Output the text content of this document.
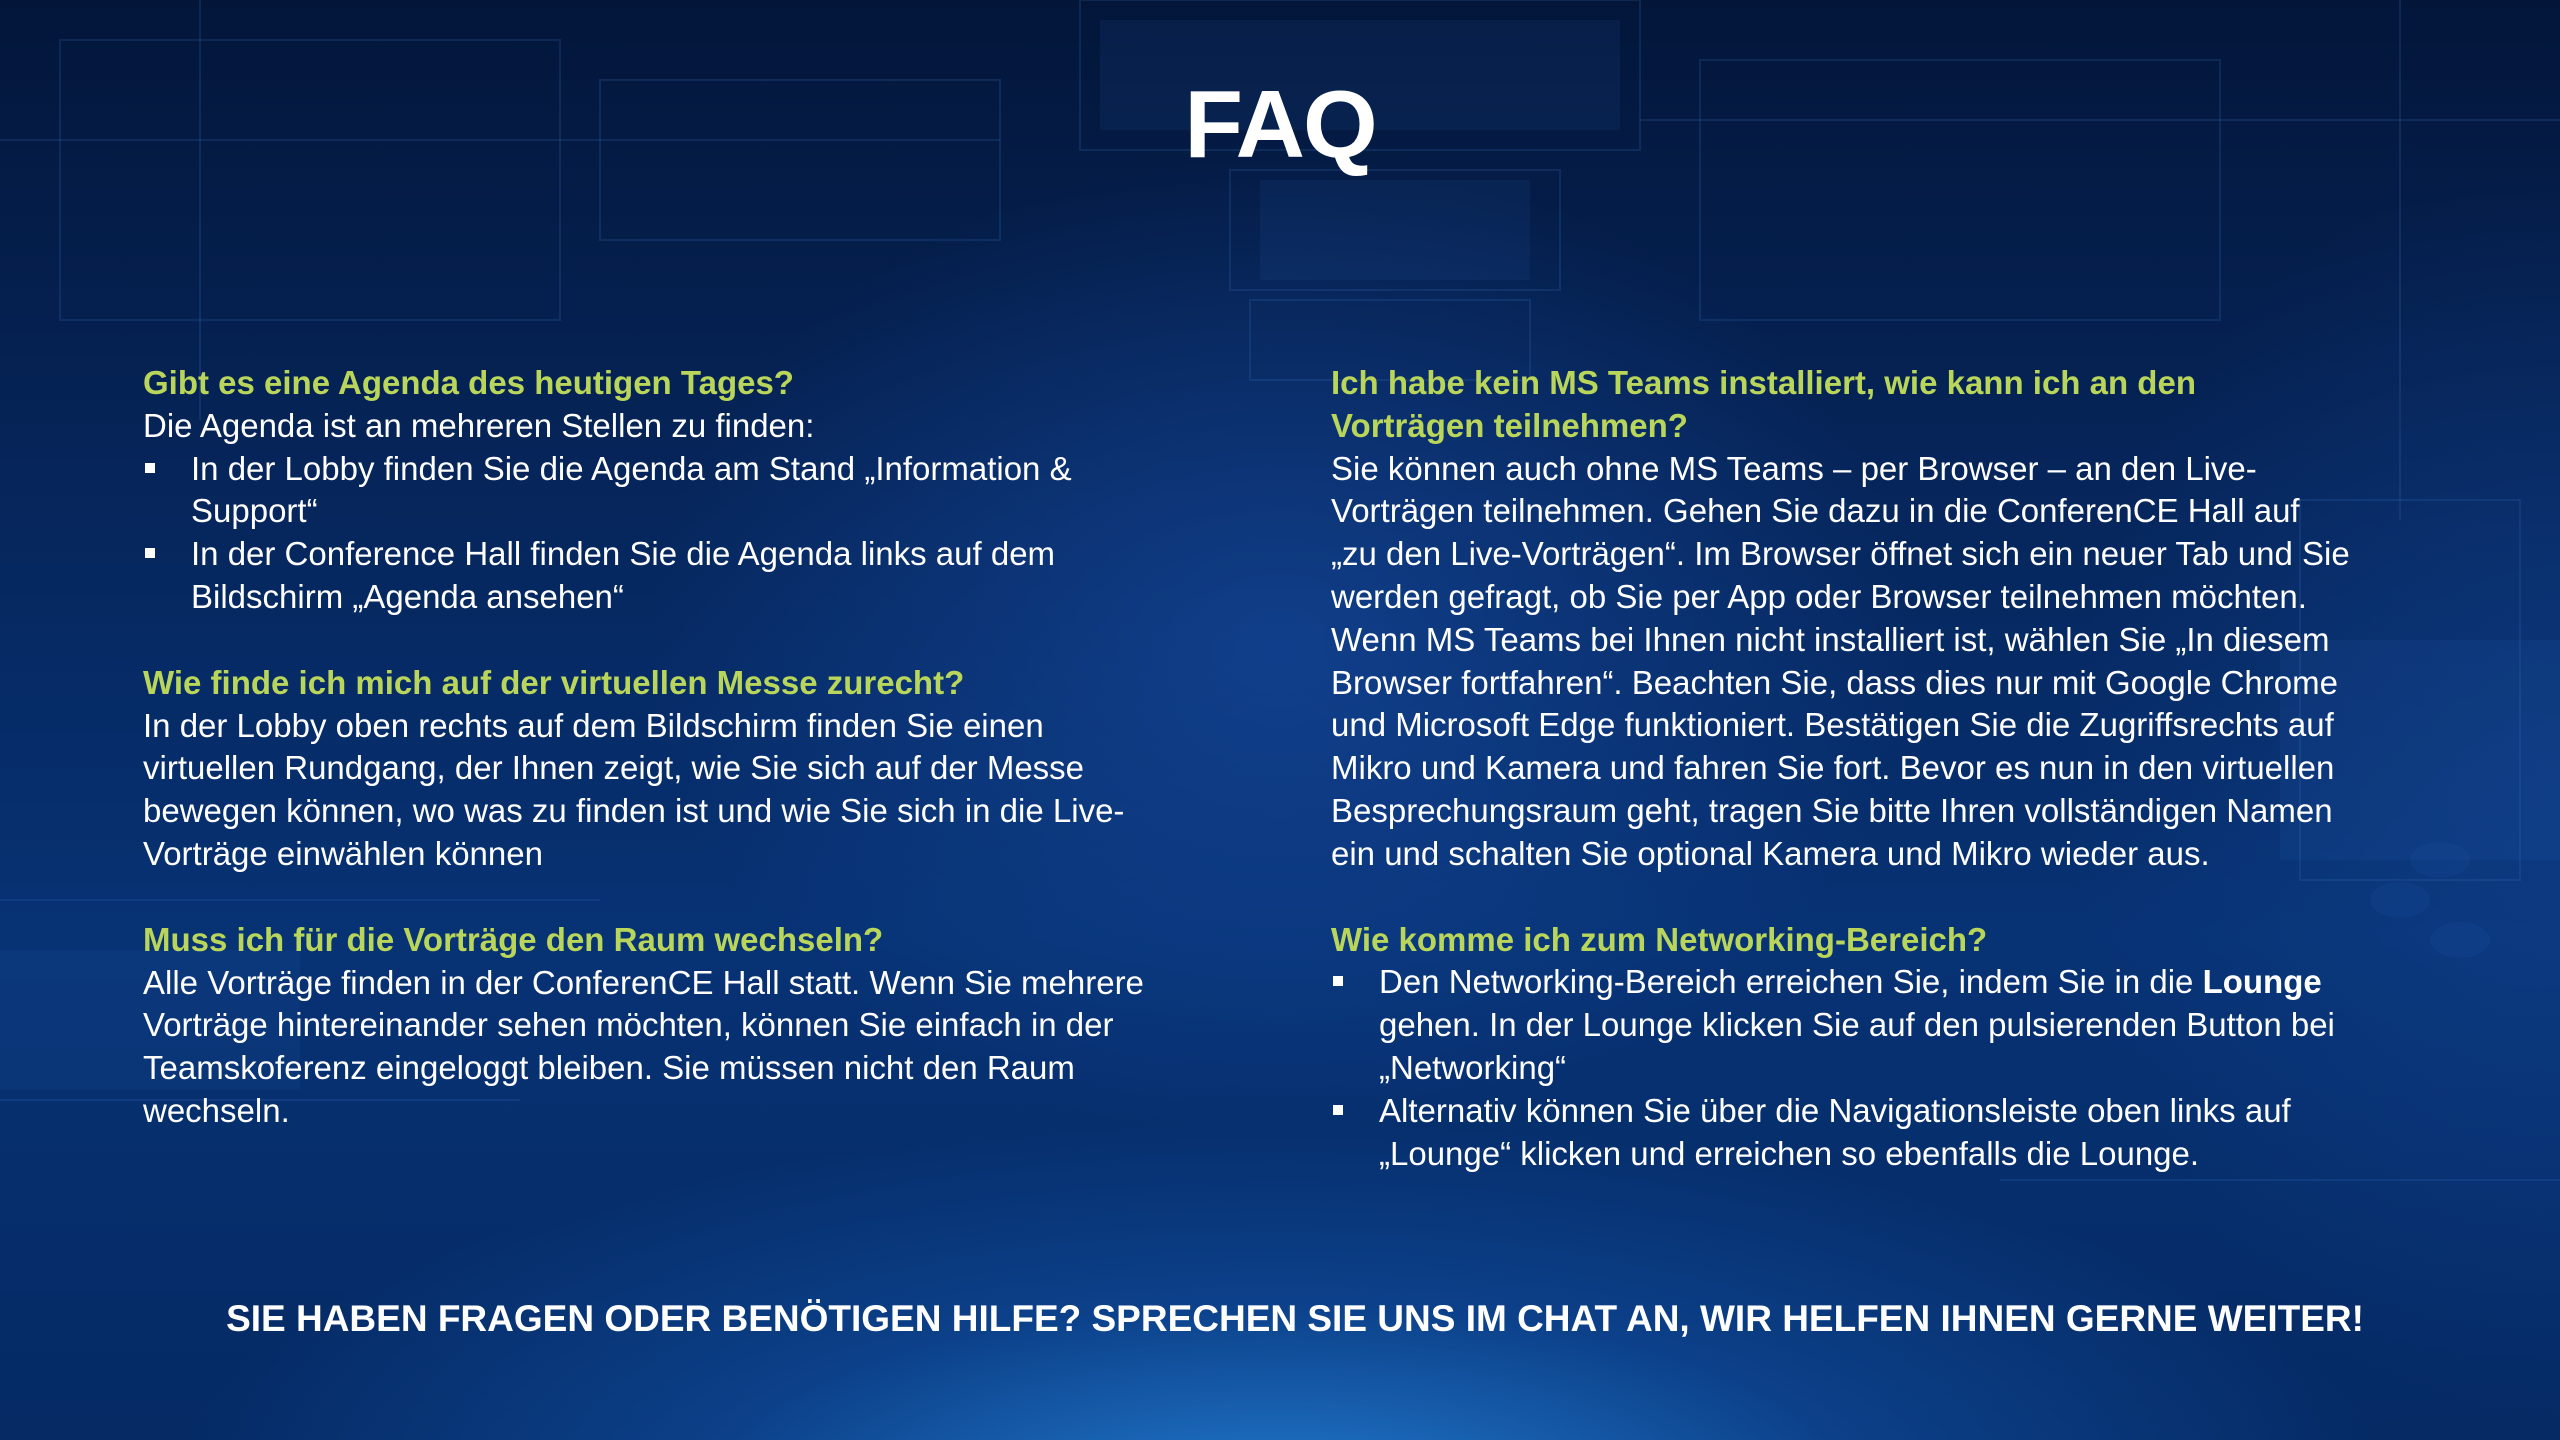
FAQ

Gibt es eine Agenda des heutigen Tages?

Die Agenda ist an mehreren Stellen zu finden:

In der Lobby finden Sie die Agenda am Stand „Information & Support“
In der Conference Hall finden Sie die Agenda links auf dem Bildschirm „Agenda ansehen“

Wie finde ich mich auf der virtuellen Messe zurecht?

In der Lobby oben rechts auf dem Bildschirm finden Sie einen virtuellen Rundgang, der Ihnen zeigt, wie Sie sich auf der Messe bewegen können, wo was zu finden ist und wie Sie sich in die Live-Vorträge einwählen können

Muss ich für die Vorträge den Raum wechseln?

Alle Vorträge finden in der ConferenCE Hall statt. Wenn Sie mehrere Vorträge hintereinander sehen möchten, können Sie einfach in der Teamskoferenz eingeloggt bleiben. Sie müssen nicht den Raum wechseln.

Ich habe kein MS Teams installiert, wie kann ich an den Vorträgen teilnehmen?

Sie können auch ohne MS Teams – per Browser – an den Live-Vorträgen teilnehmen. Gehen Sie dazu in die ConferenCE Hall auf „zu den Live-Vorträgen“. Im Browser öffnet sich ein neuer Tab und Sie werden gefragt, ob Sie per App oder Browser teilnehmen möchten. Wenn MS Teams bei Ihnen nicht installiert ist, wählen Sie „In diesem Browser fortfahren“. Beachten Sie, dass dies nur mit Google Chrome und Microsoft Edge funktioniert. Bestätigen Sie die Zugriffsrechts auf Mikro und Kamera und fahren Sie fort. Bevor es nun in den virtuellen Besprechungsraum geht, tragen Sie bitte Ihren vollständigen Namen ein und schalten Sie optional Kamera und Mikro wieder aus.

Wie komme ich zum Networking-Bereich?

Den Networking-Bereich erreichen Sie, indem Sie in die Lounge gehen. In der Lounge klicken Sie auf den pulsierenden Button bei „Networking“
Alternativ können Sie über die Navigationsleiste oben links auf „Lounge“ klicken und erreichen so ebenfalls die Lounge.
SIE HABEN FRAGEN ODER BENÖTIGEN HILFE? SPRECHEN SIE UNS IM CHAT AN, WIR HELFEN IHNEN GERNE WEITER!
